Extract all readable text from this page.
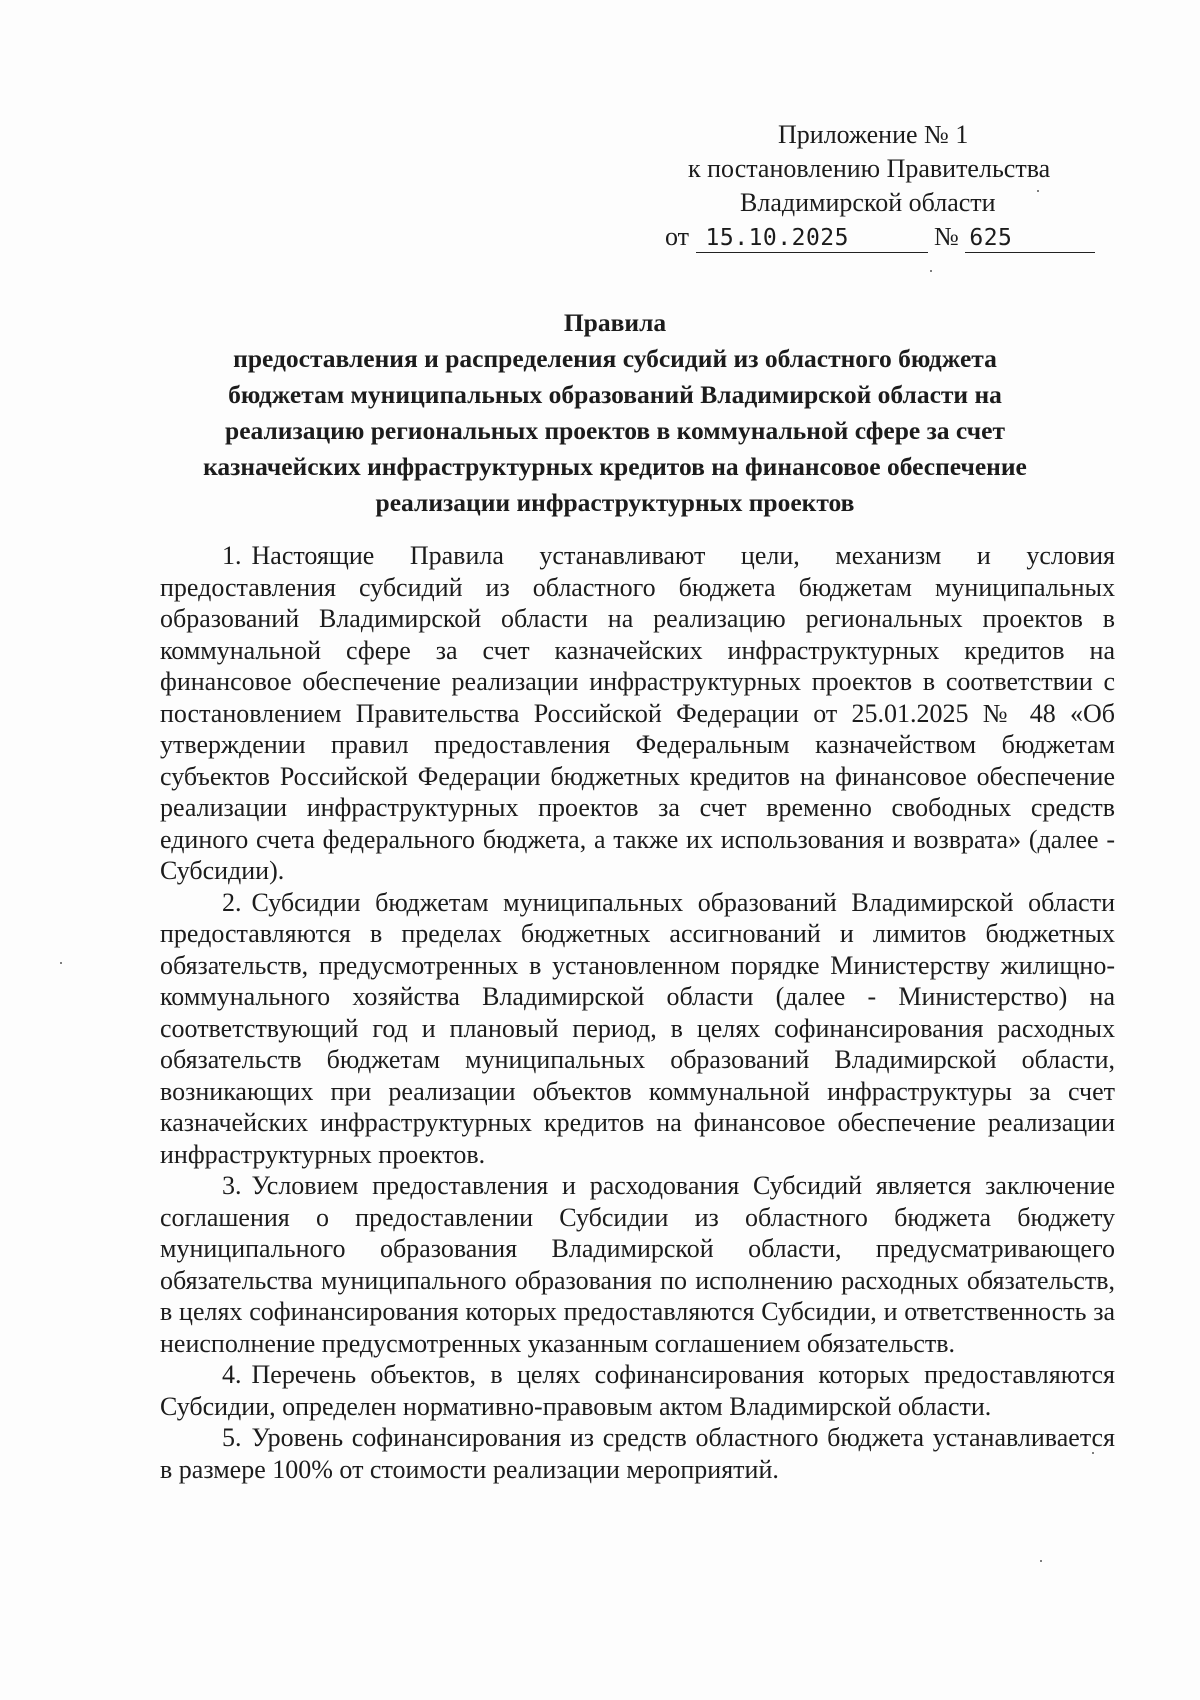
Приложение № 1
к постановлению Правительства
Владимирской области
от 15.10.2025	№ 625
Правила
предоставления и распределения субсидий из областного бюджета
бюджетам муниципальных образований Владимирской области на
реализацию региональных проектов в коммунальной сфере за счет
казначейских инфраструктурных кредитов на финансовое обеспечение
реализации инфраструктурных проектов

1. Настоящие Правила устанавливают цели, механизм и условия предоставления субсидий из областного бюджета бюджетам муниципальных образований Владимирской области на реализацию региональных проектов в коммунальной сфере за счет казначейских инфраструктурных кредитов на финансовое обеспечение реализации инфраструктурных проектов в соответствии с постановлением Правительства Российской Федерации от 25.01.2025 № 48 «Об утверждении правил предоставления Федеральным казначейством бюджетам субъектов Российской Федерации бюджетных кредитов на финансовое обеспечение реализации инфраструктурных проектов за счет временно свободных средств единого счета федерального бюджета, а также их использования и возврата» (далее - Субсидии).

2. Субсидии бюджетам муниципальных образований Владимирской области предоставляются в пределах бюджетных ассигнований и лимитов бюджетных обязательств, предусмотренных в установленном порядке Министерству жилищно-коммунального хозяйства Владимирской области (далее - Министерство) на соответствующий год и плановый период, в целях софинансирования расходных обязательств бюджетам муниципальных образований Владимирской области, возникающих при реализации объектов коммунальной инфраструктуры за счет казначейских инфраструктурных кредитов на финансовое обеспечение реализации инфраструктурных проектов.

3. Условием предоставления и расходования Субсидий является заключение соглашения о предоставлении Субсидии из областного бюджета бюджету муниципального образования Владимирской области, предусматривающего обязательства муниципального образования по исполнению расходных обязательств, в целях софинансирования которых предоставляются Субсидии, и ответственность за неисполнение предусмотренных указанным соглашением обязательств.

4. Перечень объектов, в целях софинансирования которых предоставляются Субсидии, определен нормативно-правовым актом Владимирской области.

5. Уровень софинансирования из средств областного бюджета устанавливается в размере 100% от стоимости реализации мероприятий.
